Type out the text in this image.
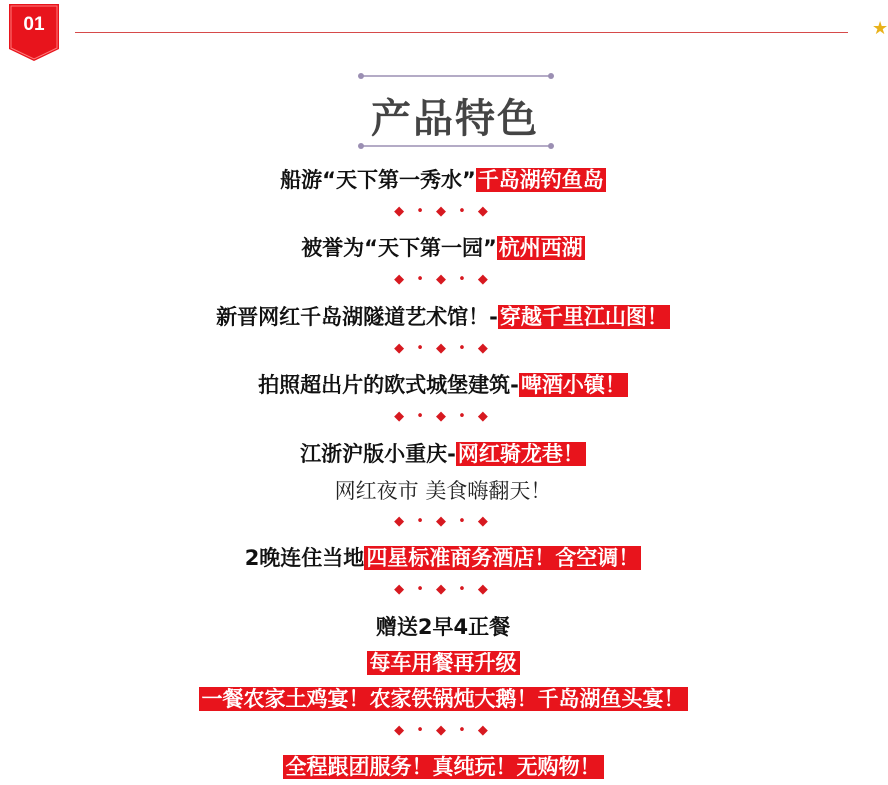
01	★
产品特色
船游“天下第一秀水”千岛湖钓鱼岛
◆ • ◆ • ◆
被誉为“天下第一园”杭州西湖
◆ • ◆ • ◆
新晋网红千岛湖隧道艺术馆！-穿越千里江山图！
◆ • ◆ • ◆
拍照超出片的欧式城堡建筑-啤酒小镇！
◆ • ◆ • ◆
江浙沪版小重庆-网红骑龙巷！
网红夜市 美食嗨翻天！
◆ • ◆ • ◆
2晚连住当地四星标准商务酒店！含空调！
◆ • ◆ • ◆
赠送2早4正餐
每车用餐再升级
一餐农家土鸡宴！农家铁锅炖大鹅！千岛湖鱼头宴！
◆ • ◆ • ◆
全程跟团服务！真纯玩！无购物！
